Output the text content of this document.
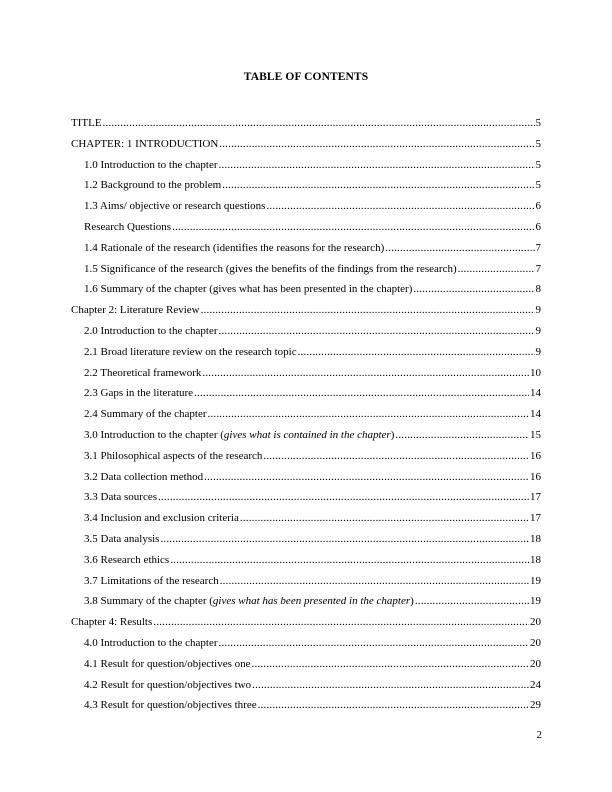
TABLE OF CONTENTS
TITLE .....	5
CHAPTER: 1 INTRODUCTION .....	5
1.0 Introduction to the chapter .....	5
1.2 Background to the problem .....	5
1.3 Aims/ objective or research questions .....	6
Research Questions .....	6
1.4 Rationale of the research (identifies the reasons for the research) .....	7
1.5 Significance of the research (gives the benefits of the findings from the research) .....	7
1.6 Summary of the chapter (gives what has been presented in the chapter) .....	8
Chapter 2: Literature Review .....	9
2.0 Introduction to the chapter .....	9
2.1 Broad literature review on the research topic .....	9
2.2 Theoretical framework .....	10
2.3 Gaps in the literature .....	14
2.4 Summary of the chapter .....	14
3.0 Introduction to the chapter (gives what is contained in the chapter) .....	15
3.1 Philosophical aspects of the research .....	16
3.2 Data collection method .....	16
3.3 Data sources .....	17
3.4 Inclusion and exclusion criteria .....	17
3.5 Data analysis .....	18
3.6 Research ethics .....	18
3.7 Limitations of the research .....	19
3.8 Summary of the chapter (gives what has been presented in the chapter) .....	19
Chapter 4: Results .....	20
4.0 Introduction to the chapter .....	20
4.1 Result for question/objectives one .....	20
4.2 Result for question/objectives two .....	24
4.3 Result for question/objectives three .....	29
2
